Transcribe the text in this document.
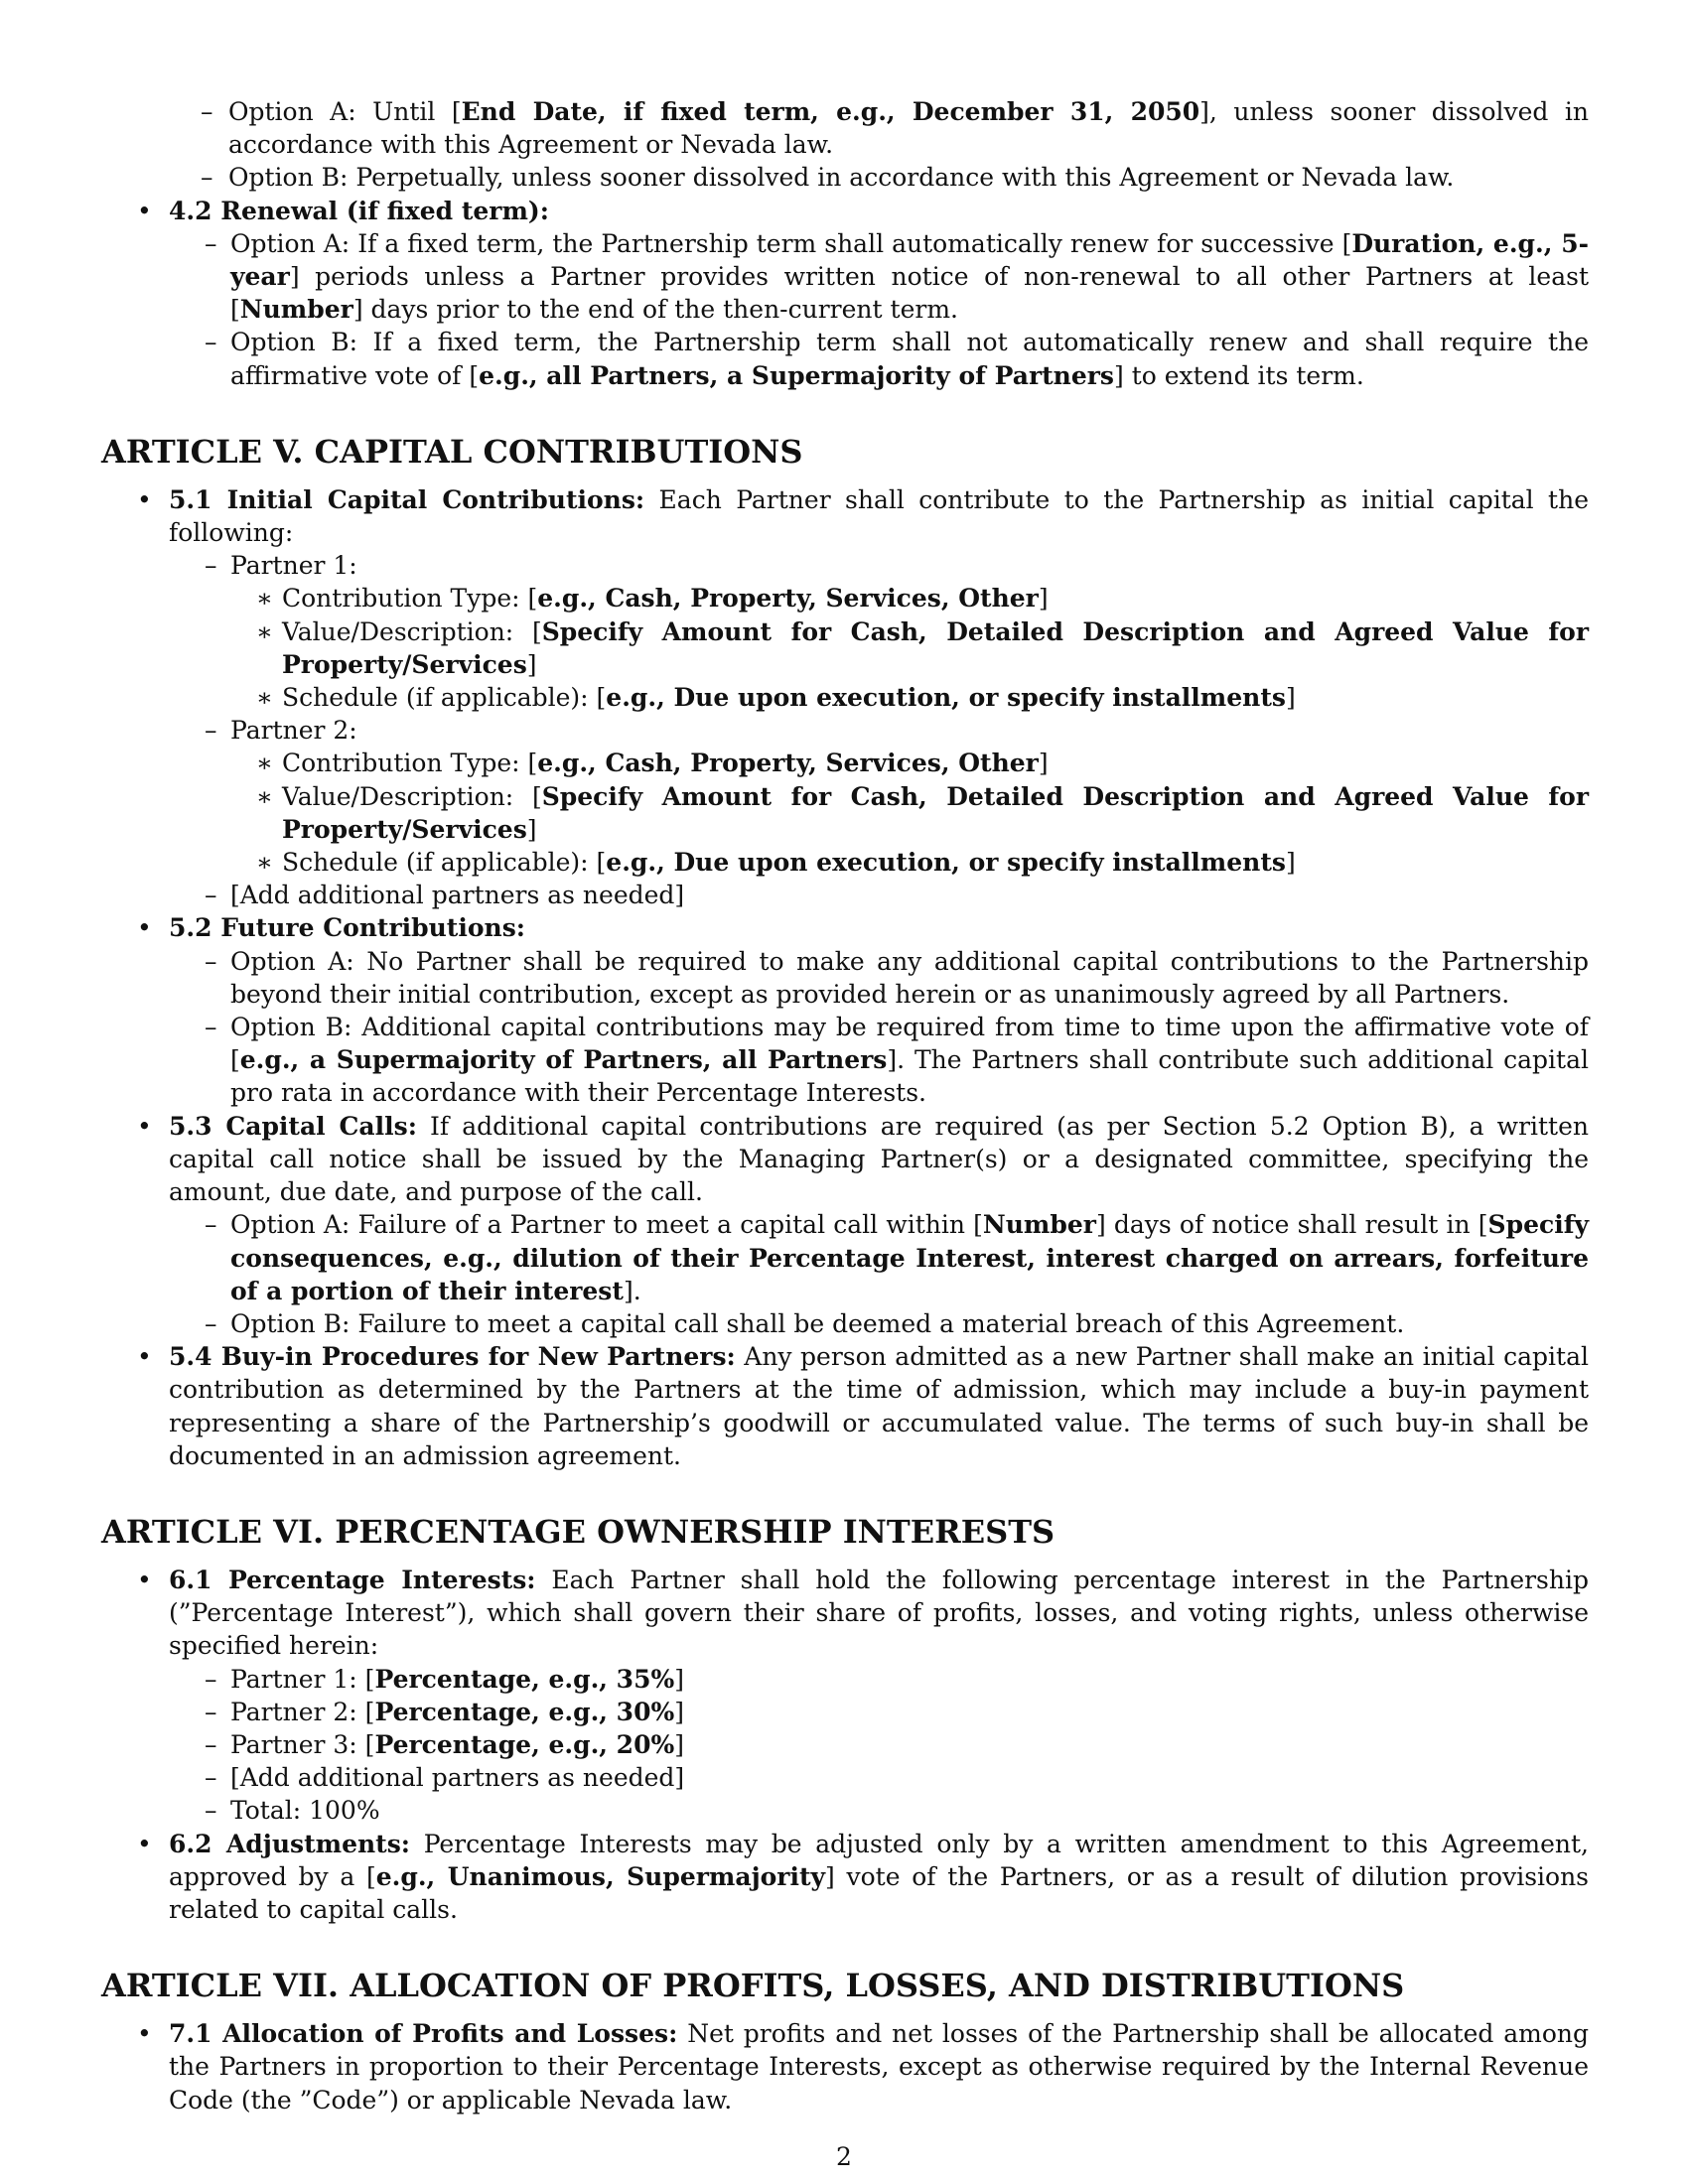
– Option A: Until [End Date, if fixed term, e.g., December 31, 2050], unless sooner dissolved in accordance with this Agreement or Nevada law.
– Option B: Perpetually, unless sooner dissolved in accordance with this Agreement or Nevada law.
• 4.2 Renewal (if fixed term):
– Option A: If a fixed term, the Partnership term shall automatically renew for successive [Duration, e.g., 5-year] periods unless a Partner provides written notice of non-renewal to all other Partners at least [Number] days prior to the end of the then-current term.
– Option B: If a fixed term, the Partnership term shall not automatically renew and shall require the affirmative vote of [e.g., all Partners, a Supermajority of Partners] to extend its term.
ARTICLE V. CAPITAL CONTRIBUTIONS
• 5.1 Initial Capital Contributions: Each Partner shall contribute to the Partnership as initial capital the following:
– Partner 1:
∗ Contribution Type: [e.g., Cash, Property, Services, Other]
∗ Value/Description: [Specify Amount for Cash, Detailed Description and Agreed Value for Property/Services]
∗ Schedule (if applicable): [e.g., Due upon execution, or specify installments]
– Partner 2:
∗ Contribution Type: [e.g., Cash, Property, Services, Other]
∗ Value/Description: [Specify Amount for Cash, Detailed Description and Agreed Value for Property/Services]
∗ Schedule (if applicable): [e.g., Due upon execution, or specify installments]
– [Add additional partners as needed]
• 5.2 Future Contributions:
– Option A: No Partner shall be required to make any additional capital contributions to the Partnership beyond their initial contribution, except as provided herein or as unanimously agreed by all Partners.
– Option B: Additional capital contributions may be required from time to time upon the affirmative vote of [e.g., a Supermajority of Partners, all Partners]. The Partners shall contribute such additional capital pro rata in accordance with their Percentage Interests.
• 5.3 Capital Calls: If additional capital contributions are required (as per Section 5.2 Option B), a written capital call notice shall be issued by the Managing Partner(s) or a designated committee, specifying the amount, due date, and purpose of the call.
– Option A: Failure of a Partner to meet a capital call within [Number] days of notice shall result in [Specify consequences, e.g., dilution of their Percentage Interest, interest charged on arrears, forfeiture of a portion of their interest].
– Option B: Failure to meet a capital call shall be deemed a material breach of this Agreement.
• 5.4 Buy-in Procedures for New Partners: Any person admitted as a new Partner shall make an initial capital contribution as determined by the Partners at the time of admission, which may include a buy-in payment representing a share of the Partnership’s goodwill or accumulated value. The terms of such buy-in shall be documented in an admission agreement.
ARTICLE VI. PERCENTAGE OWNERSHIP INTERESTS
• 6.1 Percentage Interests: Each Partner shall hold the following percentage interest in the Partnership (”Percentage Interest”), which shall govern their share of profits, losses, and voting rights, unless otherwise specified herein:
– Partner 1: [Percentage, e.g., 35%]
– Partner 2: [Percentage, e.g., 30%]
– Partner 3: [Percentage, e.g., 20%]
– [Add additional partners as needed]
– Total: 100%
• 6.2 Adjustments: Percentage Interests may be adjusted only by a written amendment to this Agreement, approved by a [e.g., Unanimous, Supermajority] vote of the Partners, or as a result of dilution provisions related to capital calls.
ARTICLE VII. ALLOCATION OF PROFITS, LOSSES, AND DISTRIBUTIONS
• 7.1 Allocation of Profits and Losses: Net profits and net losses of the Partnership shall be allocated among the Partners in proportion to their Percentage Interests, except as otherwise required by the Internal Revenue Code (the ”Code”) or applicable Nevada law.
2
